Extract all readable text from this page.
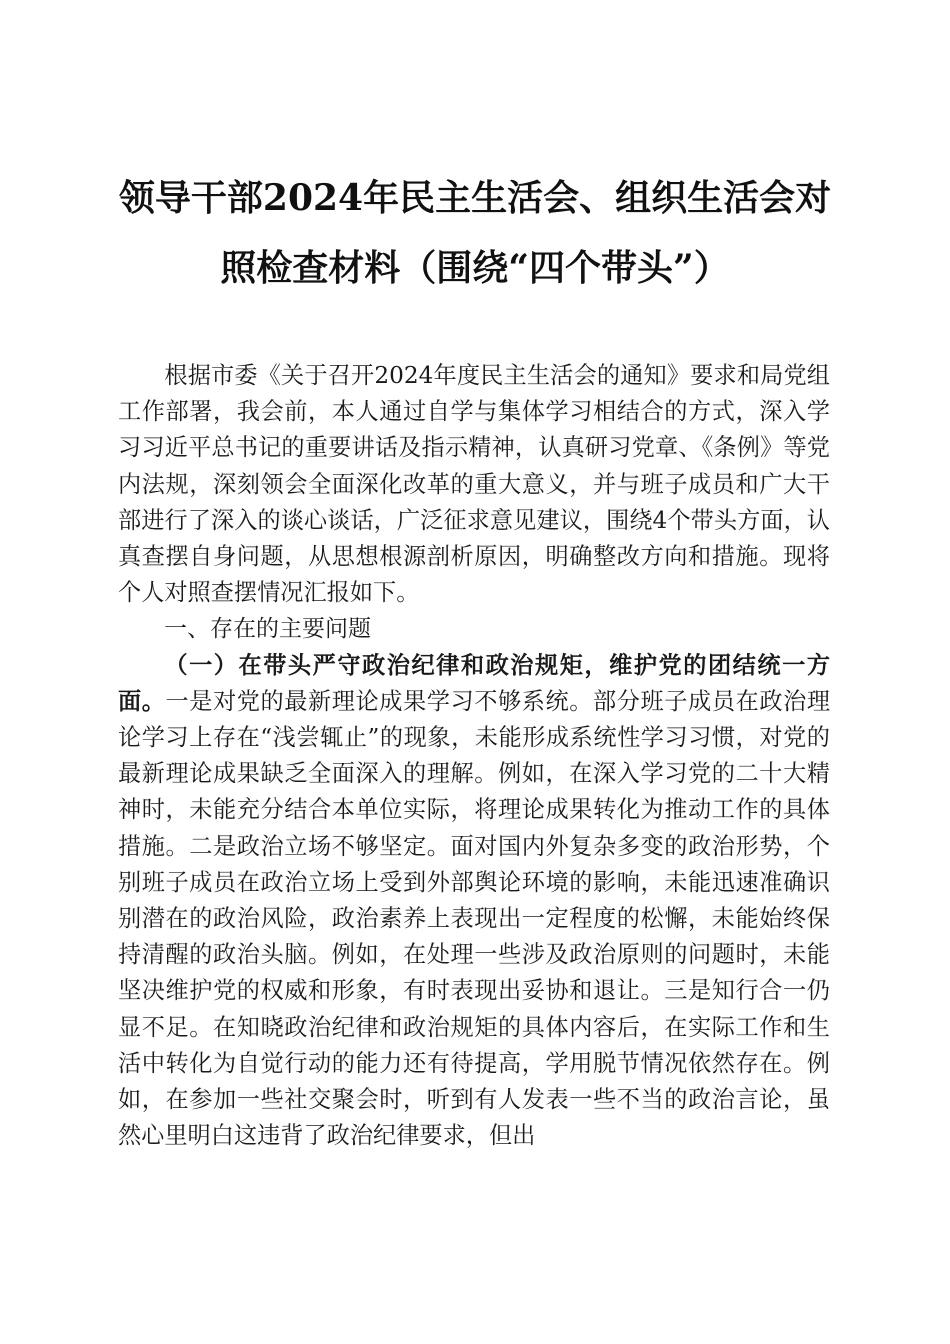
领导干部2024年民主生活会、组织生活会对
照检查材料（围绕“四个带头”）

根据市委《关于召开2024年度民主生活会的通知》要求和局党组工作部署，我会前，本人通过自学与集体学习相结合的方式，深入学习习近平总书记的重要讲话及指示精神，认真研习党章、《条例》等党内法规，深刻领会全面深化改革的重大意义，并与班子成员和广大干部进行了深入的谈心谈话，广泛征求意见建议，围绕4个带头方面，认真查摆自身问题，从思想根源剖析原因，明确整改方向和措施。现将个人对照查摆情况汇报如下。

一、存在的主要问题

（一）在带头严守政治纪律和政治规矩，维护党的团结统一方面。一是对党的最新理论成果学习不够系统。部分班子成员在政治理论学习上存在“浅尝辄止”的现象，未能形成系统性学习习惯，对党的最新理论成果缺乏全面深入的理解。例如，在深入学习党的二十大精神时，未能充分结合本单位实际，将理论成果转化为推动工作的具体措施。二是政治立场不够坚定。面对国内外复杂多变的政治形势，个别班子成员在政治立场上受到外部舆论环境的影响，未能迅速准确识别潜在的政治风险，政治素养上表现出一定程度的松懈，未能始终保持清醒的政治头脑。例如，在处理一些涉及政治原则的问题时，未能坚决维护党的权威和形象，有时表现出妥协和退让。三是知行合一仍显不足。在知晓政治纪律和政治规矩的具体内容后，在实际工作和生活中转化为自觉行动的能力还有待提高，学用脱节情况依然存在。例如，在参加一些社交聚会时，听到有人发表一些不当的政治言论，虽然心里明白这违背了政治纪律要求，但出
